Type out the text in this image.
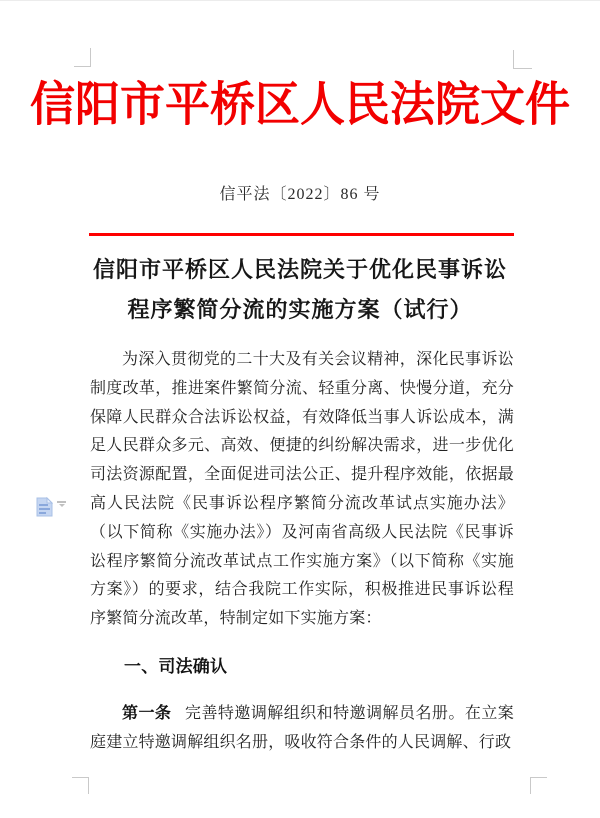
信阳市平桥区人民法院文件
信平法〔2022〕86 号
信阳市平桥区人民法院关于优化民事诉讼
程序繁简分流的实施方案（试行）

为深入贯彻党的二十大及有关会议精神，深化民事诉讼制度改革，推进案件繁简分流、轻重分离、快慢分道，充分保障人民群众合法诉讼权益，有效降低当事人诉讼成本，满足人民群众多元、高效、便捷的纠纷解决需求，进一步优化司法资源配置，全面促进司法公正、提升程序效能，依据最高人民法院《民事诉讼程序繁简分流改革试点实施办法》（以下简称《实施办法》）及河南省高级人民法院《民事诉讼程序繁简分流改革试点工作实施方案》（以下简称《实施方案》）的要求，结合我院工作实际，积极推进民事诉讼程序繁简分流改革，特制定如下实施方案：

一、司法确认

第一条 完善特邀调解组织和特邀调解员名册。在立案庭建立特邀调解组织名册，吸收符合条件的人民调解、行政
